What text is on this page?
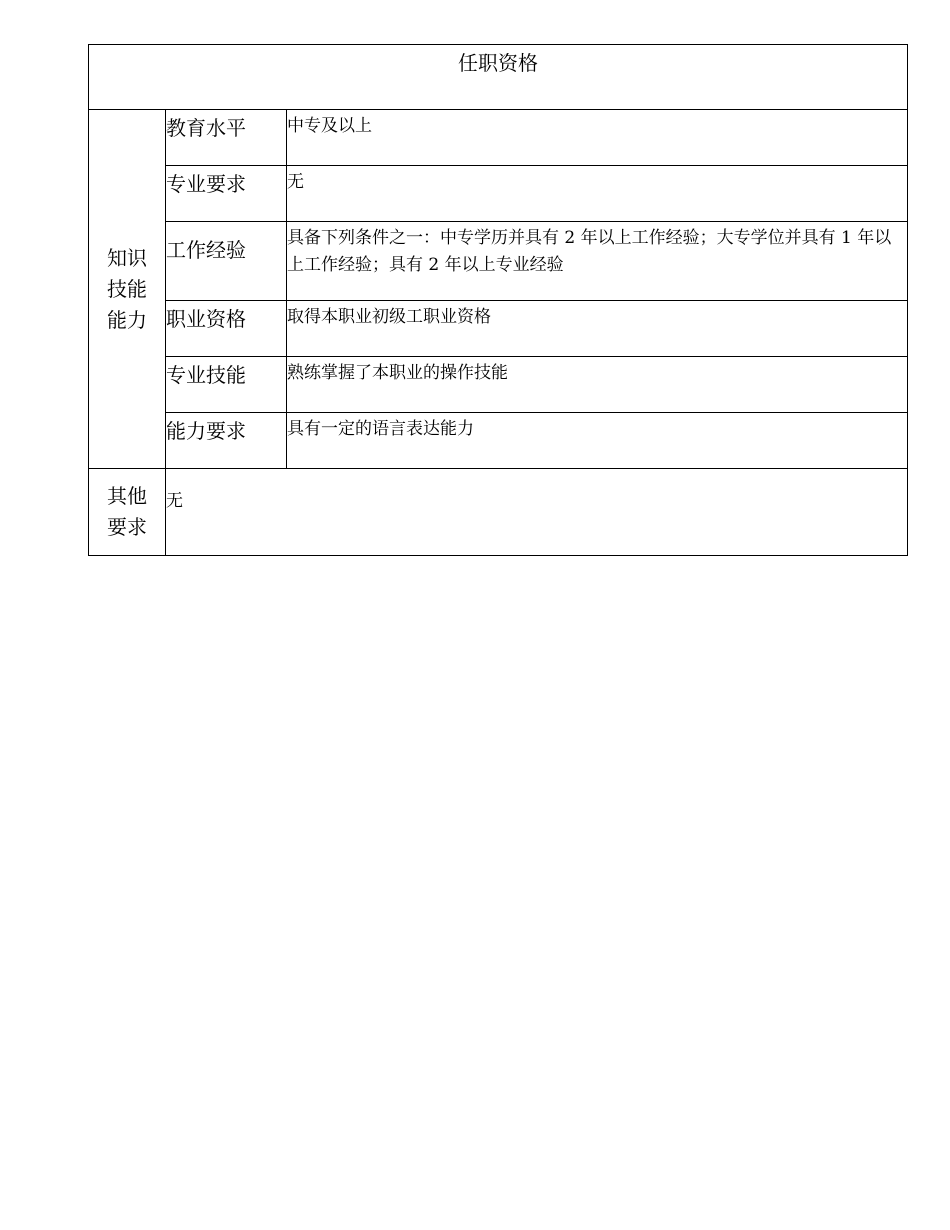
任职资格		
知识技能能力	教育水平	中专及以上
	专业要求	无
	工作经验	具备下列条件之一：中专学历并具有 2 年以上工作经验；大专学位并具有 1 年以上工作经验；具有 2 年以上专业经验
	职业资格	取得本职业初级工职业资格
	专业技能	熟练掌握了本职业的操作技能
	能力要求	具有一定的语言表达能力
其他要求	无	
